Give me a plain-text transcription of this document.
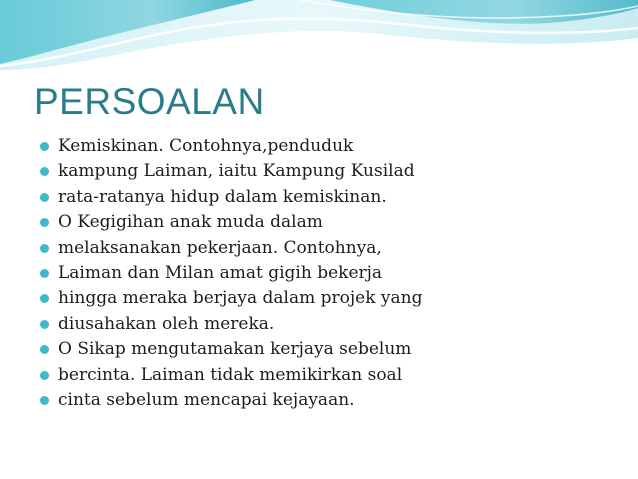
PERSOALAN
Kemiskinan. Contohnya,penduduk
kampung Laiman, iaitu Kampung Kusilad
rata-ratanya hidup dalam kemiskinan.
O Kegigihan anak muda dalam
melaksanakan pekerjaan. Contohnya,
Laiman dan Milan amat gigih bekerja
hingga meraka berjaya dalam projek yang
diusahakan oleh mereka.
O Sikap mengutamakan kerjaya sebelum
bercinta. Laiman tidak memikirkan soal
cinta sebelum mencapai kejayaan.
